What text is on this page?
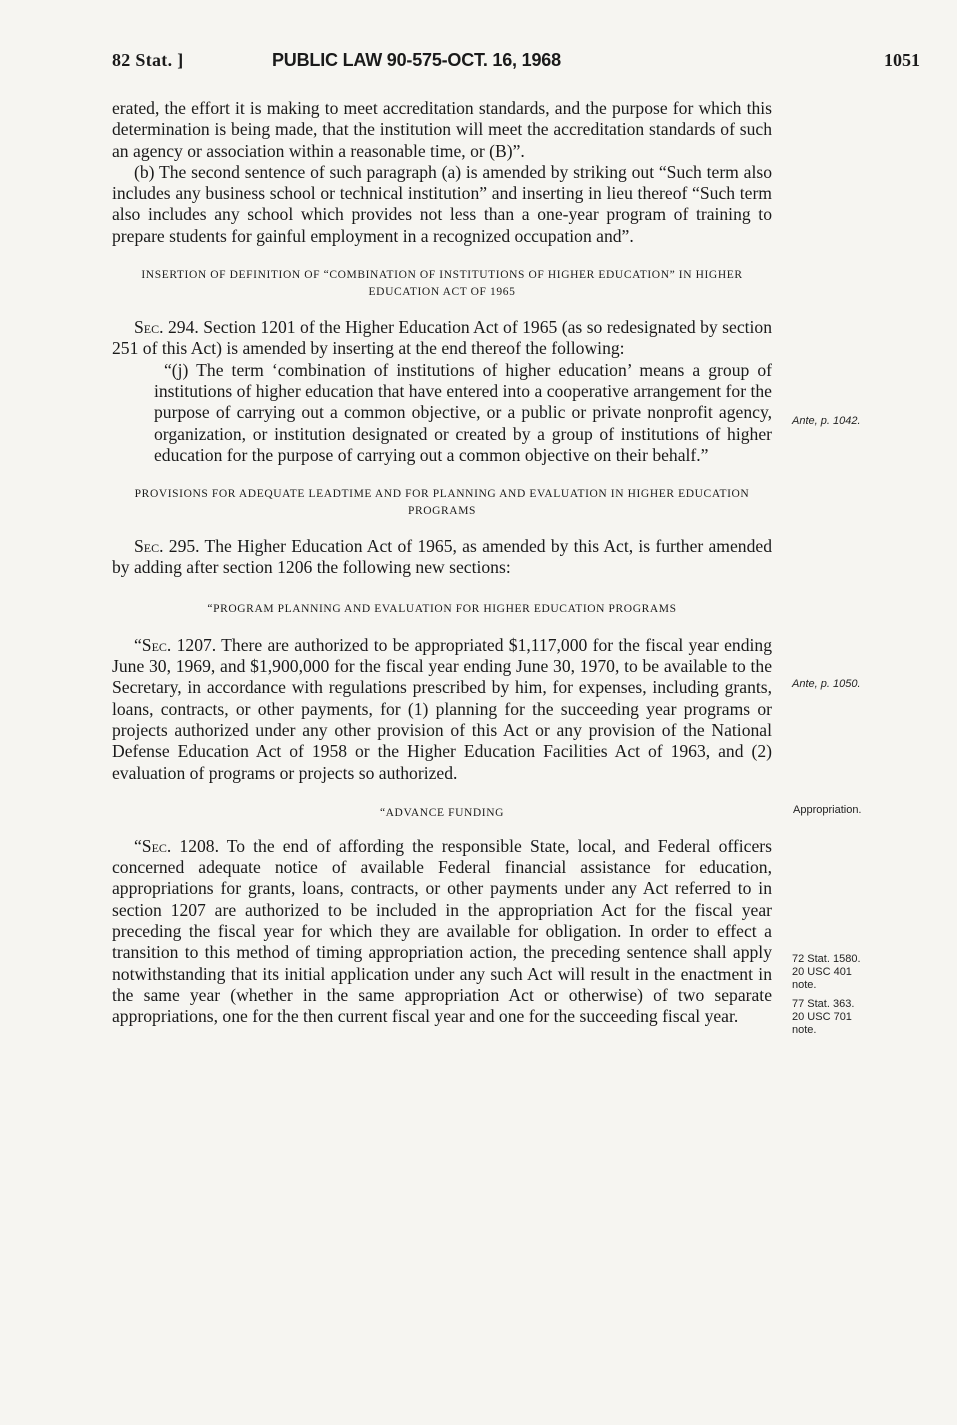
82 Stat. ]	PUBLIC LAW 90-575-OCT. 16, 1968	1051

erated, the effort it is making to meet accreditation standards, and the purpose for which this determination is being made, that the institution will meet the accreditation standards of such an agency or association within a reasonable time, or (B)”.

(b) The second sentence of such paragraph (a) is amended by striking out “Such term also includes any business school or technical institution” and inserting in lieu thereof “Such term also includes any school which provides not less than a one-year program of training to prepare students for gainful employment in a recognized occupation and”.

INSERTION OF DEFINITION OF “COMBINATION OF INSTITUTIONS OF HIGHER EDUCATION” IN HIGHER EDUCATION ACT OF 1965

Sec. 294. Section 1201 of the Higher Education Act of 1965 (as so redesignated by section 251 of this Act) is amended by inserting at the end thereof the following:

“(j) The term ‘combination of institutions of higher education’ means a group of institutions of higher education that have entered into a cooperative arrangement for the purpose of carrying out a common objective, or a public or private nonprofit agency, organization, or institution designated or created by a group of institutions of higher education for the purpose of carrying out a common objective on their behalf.”

PROVISIONS FOR ADEQUATE LEADTIME AND FOR PLANNING AND EVALUATION IN HIGHER EDUCATION PROGRAMS

Sec. 295. The Higher Education Act of 1965, as amended by this Act, is further amended by adding after section 1206 the following new sections:

“PROGRAM PLANNING AND EVALUATION FOR HIGHER EDUCATION PROGRAMS

“Sec. 1207. There are authorized to be appropriated $1,117,000 for the fiscal year ending June 30, 1969, and $1,900,000 for the fiscal year ending June 30, 1970, to be available to the Secretary, in accordance with regulations prescribed by him, for expenses, including grants, loans, contracts, or other payments, for (1) planning for the succeeding year programs or projects authorized under any other provision of this Act or any provision of the National Defense Education Act of 1958 or the Higher Education Facilities Act of 1963, and (2) evaluation of programs or projects so authorized.

“ADVANCE FUNDING

“Sec. 1208. To the end of affording the responsible State, local, and Federal officers concerned adequate notice of available Federal financial assistance for education, appropriations for grants, loans, contracts, or other payments under any Act referred to in section 1207 are authorized to be included in the appropriation Act for the fiscal year preceding the fiscal year for which they are available for obligation. In order to effect a transition to this method of timing appropriation action, the preceding sentence shall apply notwithstanding that its initial application under any such Act will result in the enactment in the same year (whether in the same appropriation Act or otherwise) of two separate appropriations, one for the then current fiscal year and one for the succeeding fiscal year.

Ante, p. 1042.
Ante, p. 1050.
Appropriation.
72 Stat. 1580.
20 USC 401
note.
77 Stat. 363.
20 USC 701
note.
